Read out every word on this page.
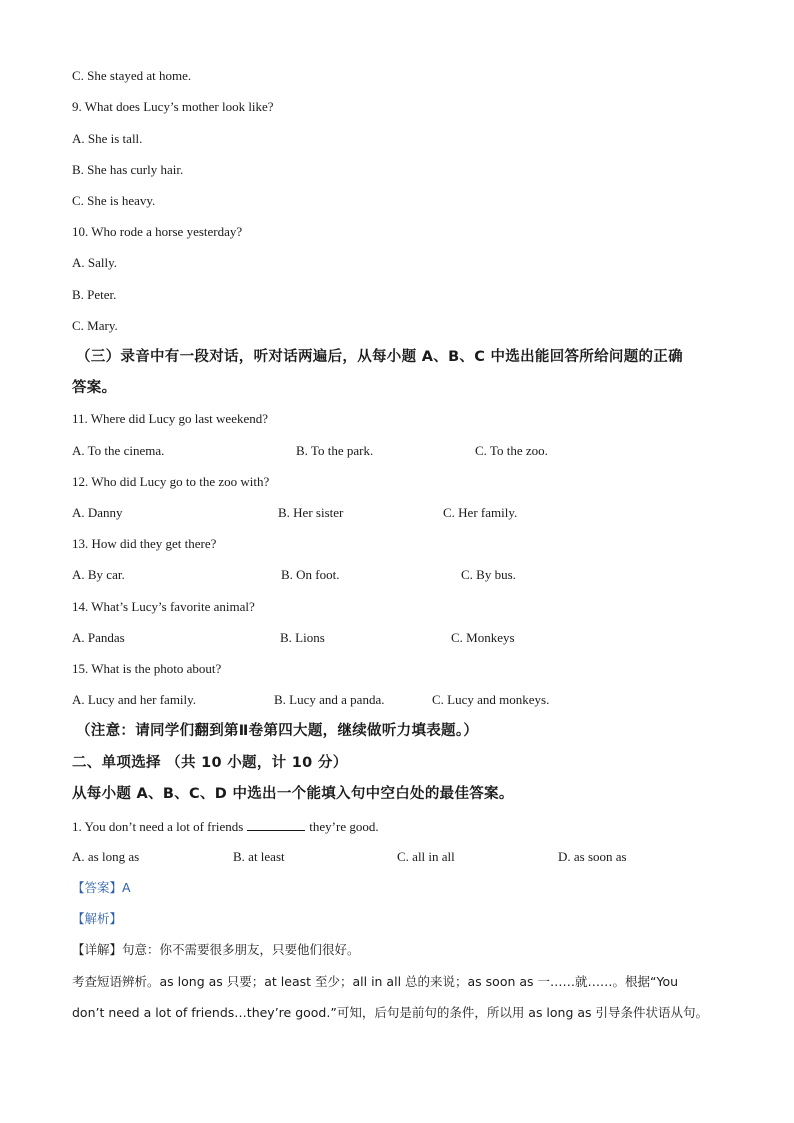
C. She stayed at home.
9. What does Lucy’s mother look like?
A. She is tall.
B. She has curly hair.
C. She is heavy.
10. Who rode a horse yesterday?
A. Sally.
B. Peter.
C. Mary.
（三）录音中有一段对话，听对话两遍后，从每小题 A、B、C 中选出能回答所给问题的正确
答案。
11. Where did Lucy go last weekend?
A. To the cinema.	B. To the park.	C. To the zoo.
12. Who did Lucy go to the zoo with?
A. Danny	B. Her sister	C. Her family.
13. How did they get there?
A. By car.	B. On foot.	C. By bus.
14. What’s Lucy’s favorite animal?
A. Pandas	B. Lions	C. Monkeys
15. What is the photo about?
A. Lucy and her family.	B. Lucy and a panda.	C. Lucy and monkeys.
（注意：请同学们翻到第Ⅱ卷第四大题，继续做听力填表题。）
二、单项选择 （共 10 小题，计 10 分）
从每小题 A、B、C、D 中选出一个能填入句中空白处的最佳答案。
1. You don’t need a lot of friends	they’re good.
A. as long as	B. at least	C. all in all	D. as soon as
【答案】A
【解析】
【详解】句意：你不需要很多朋友，只要他们很好。
考查短语辨析。as long as 只要；at least 至少；all in all 总的来说；as soon as 一……就……。根据“You
don’t need a lot of friends…they’re good.”可知，后句是前句的条件，所以用 as long as 引导条件状语从句。
